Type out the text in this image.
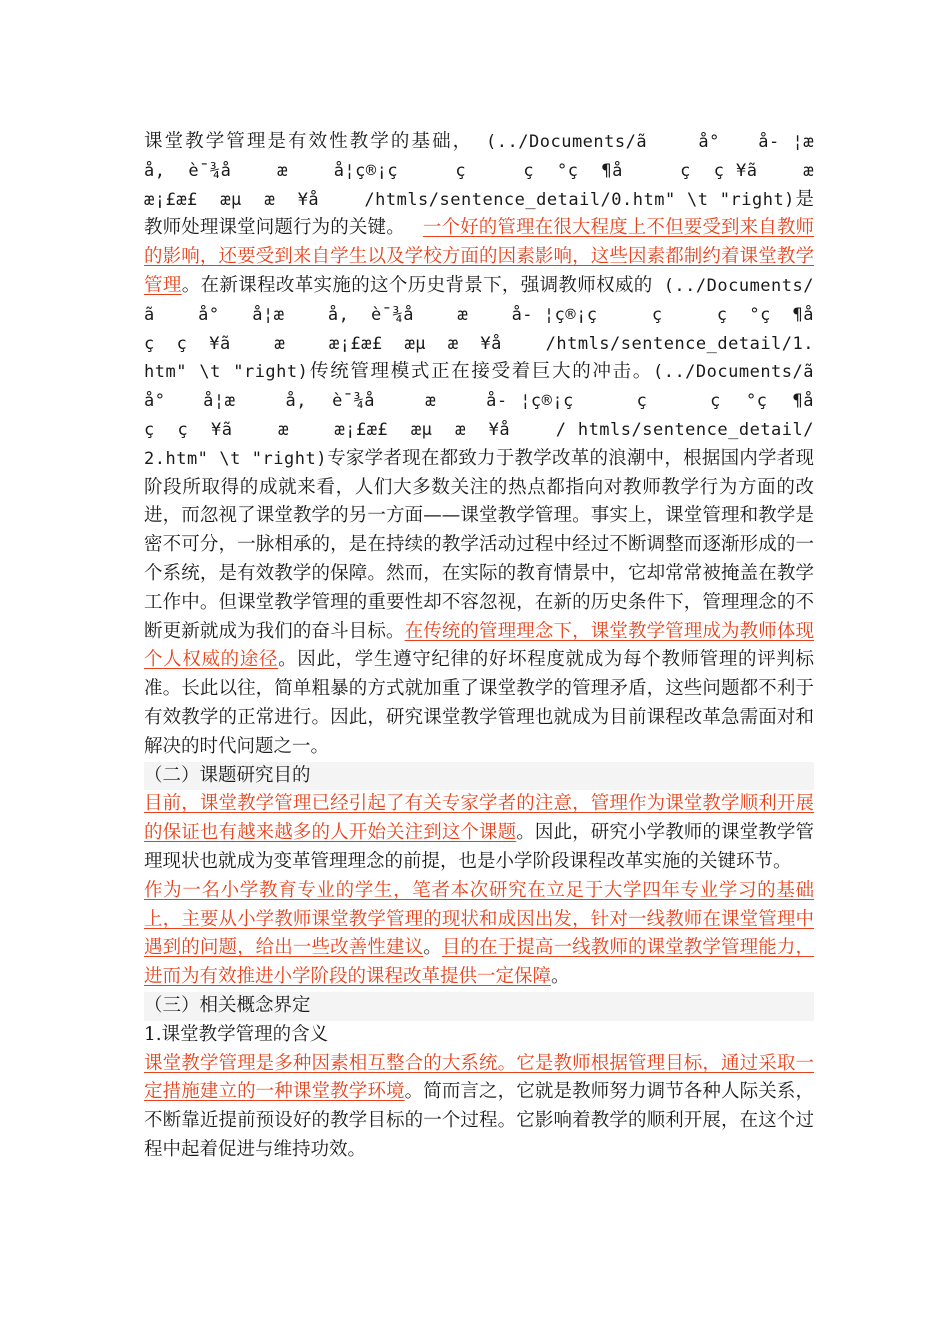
课堂教学管理是有效性教学的基础， (../Documents/ã    å°   å- ¦æ    å,  è¯¾å    æ    å¦ç®¡ç     ç     ç  °ç  ¶å     ç  ç ¥ã    æ    æ¡£æ£  æµ  æ  ¥å    /htmls/sentence_detail/0.htm" \t "right)是教师处理课堂问题行为的关键。 一个好的管理在很大程度上不但要受到来自教师的影响，还要受到来自学生以及学校方面的因素影响，这些因素都制约着课堂教学管理。在新课程改革实施的这个历史背景下，强调教师权威的 (../Documents/ã    å°   å¦æ    å,  è¯¾å    æ    å- ¦ç®¡ç     ç     ç  °ç  ¶å     ç  ç  ¥ã    æ    æ¡£æ£  æµ  æ  ¥å    /htmls/sentence_detail/1.htm" \t "right)传统管理模式正在接受着巨大的冲击。(../Documents/ã    å°   å¦æ    å,  è¯¾å    æ    å- ¦ç®¡ç     ç     ç  °ç  ¶å     ç  ç  ¥ã    æ    æ¡£æ£  æµ  æ  ¥å    / htmls/sentence_detail/2.htm" \t "right)专家学者现在都致力于教学改革的浪潮中，根据国内学者现阶段所取得的成就来看，人们大多数关注的热点都指向对教师教学行为方面的改进，而忽视了课堂教学的另一方面——课堂教学管理。事实上，课堂管理和教学是密不可分，一脉相承的，是在持续的教学活动过程中经过不断调整而逐渐形成的一个系统，是有效教学的保障。然而，在实际的教育情景中，它却常常被掩盖在教学工作中。但课堂教学管理的重要性却不容忽视，在新的历史条件下，管理理念的不断更新就成为我们的奋斗目标。在传统的管理理念下，课堂教学管理成为教师体现个人权威的途径。因此，学生遵守纪律的好坏程度就成为每个教师管理的评判标准。长此以往，简单粗暴的方式就加重了课堂教学的管理矛盾，这些问题都不利于有效教学的正常进行。因此，研究课堂教学管理也就成为目前课程改革急需面对和解决的时代问题之一。

（二）课题研究目的

目前，课堂教学管理已经引起了有关专家学者的注意，管理作为课堂教学顺利开展的保证也有越来越多的人开始关注到这个课题。因此，研究小学教师的课堂教学管理现状也就成为变革管理理念的前提，也是小学阶段课程改革实施的关键环节。

作为一名小学教育专业的学生，笔者本次研究在立足于大学四年专业学习的基础上，主要从小学教师课堂教学管理的现状和成因出发，针对一线教师在课堂管理中遇到的问题，给出一些改善性建议。目的在于提高一线教师的课堂教学管理能力，进而为有效推进小学阶段的课程改革提供一定保障。

（三）相关概念界定

1.课堂教学管理的含义

课堂教学管理是多种因素相互整合的大系统。它是教师根据管理目标，通过采取一定措施建立的一种课堂教学环境。简而言之，它就是教师努力调节各种人际关系，不断靠近提前预设好的教学目标的一个过程。它影响着教学的顺利开展，在这个过程中起着促进与维持功效。
